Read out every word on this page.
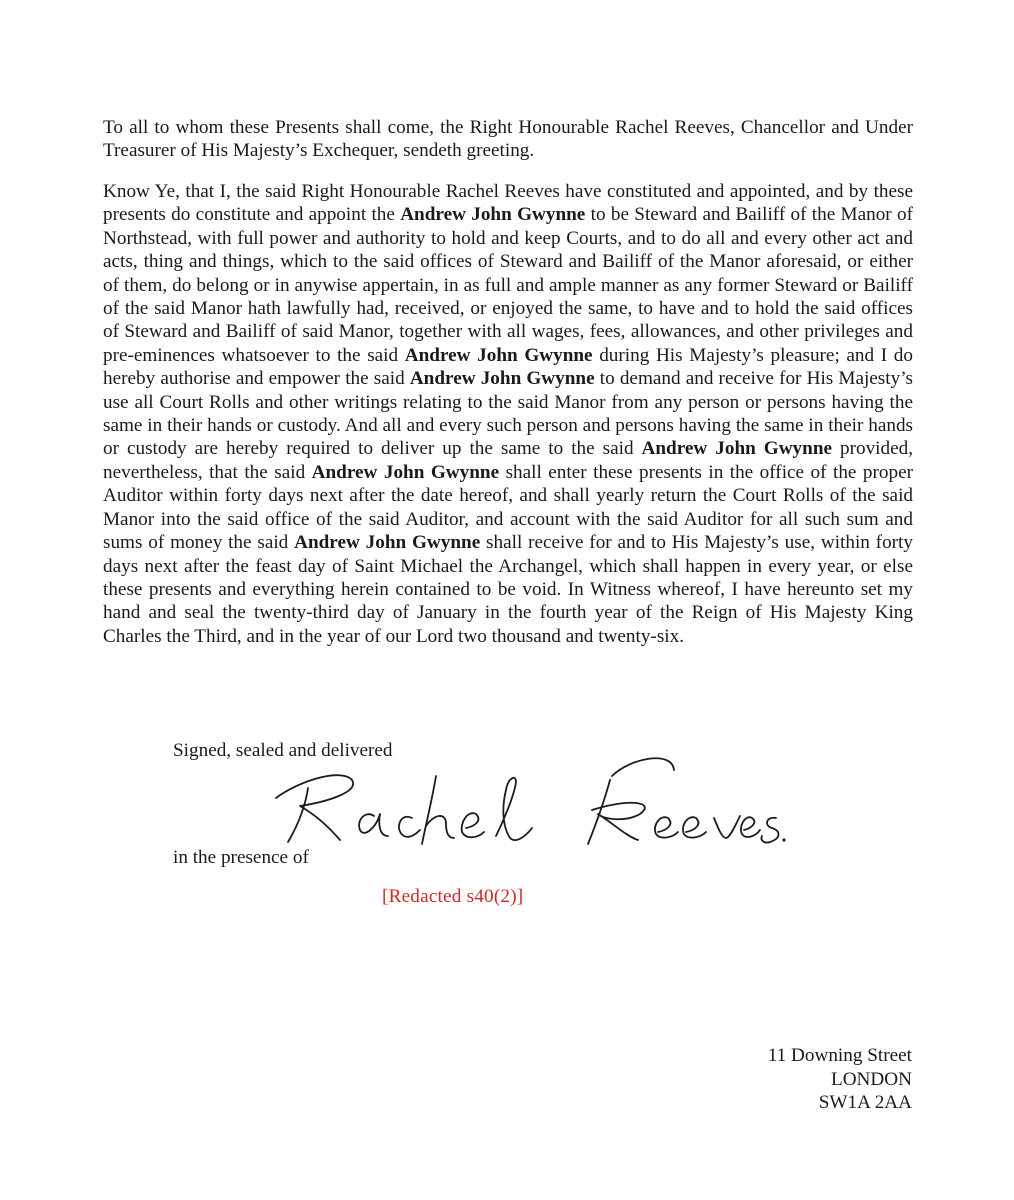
To all to whom these Presents shall come, the Right Honourable Rachel Reeves, Chancellor and Under Treasurer of His Majesty’s Exchequer, sendeth greeting.

Know Ye, that I, the said Right Honourable Rachel Reeves have constituted and appointed, and by these presents do constitute and appoint the Andrew John Gwynne to be Steward and Bailiff of the Manor of Northstead, with full power and authority to hold and keep Courts, and to do all and every other act and acts, thing and things, which to the said offices of Steward and Bailiff of the Manor aforesaid, or either of them, do belong or in anywise appertain, in as full and ample manner as any former Steward or Bailiff of the said Manor hath lawfully had, received, or enjoyed the same, to have and to hold the said offices of Steward and Bailiff of said Manor, together with all wages, fees, allowances, and other privileges and pre-eminences whatsoever to the said Andrew John Gwynne during His Majesty’s pleasure; and I do hereby authorise and empower the said Andrew John Gwynne to demand and receive for His Majesty’s use all Court Rolls and other writings relating to the said Manor from any person or persons having the same in their hands or custody. And all and every such person and persons having the same in their hands or custody are hereby required to deliver up the same to the said Andrew John Gwynne provided, nevertheless, that the said Andrew John Gwynne shall enter these presents in the office of the proper Auditor within forty days next after the date hereof, and shall yearly return the Court Rolls of the said Manor into the said office of the said Auditor, and account with the said Auditor for all such sum and sums of money the said Andrew John Gwynne shall receive for and to His Majesty’s use, within forty days next after the feast day of Saint Michael the Archangel, which shall happen in every year, or else these presents and everything herein contained to be void. In Witness whereof, I have hereunto set my hand and seal the twenty-third day of January in the fourth year of the Reign of His Majesty King Charles the Third, and in the year of our Lord two thousand and twenty-six.

Signed, sealed and delivered

in the presence of

[Redacted s40(2)]

11 Downing Street
LONDON
SW1A 2AA
